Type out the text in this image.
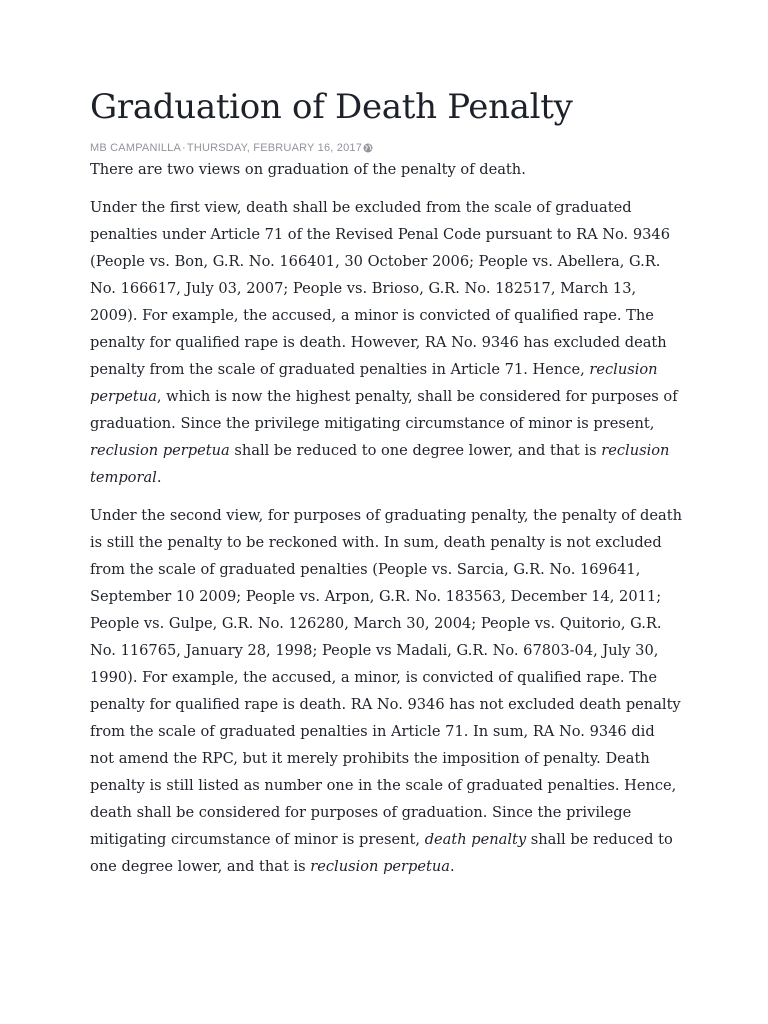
Graduation of Death Penalty
MB CAMPANILLA · THURSDAY, FEBRUARY 16, 2017

There are two views on graduation of the penalty of death.

Under the first view, death shall be excluded from the scale of graduated penalties under Article 71 of the Revised Penal Code pursuant to RA No. 9346 (People vs. Bon, G.R. No. 166401, 30 October 2006; People vs. Abellera, G.R. No. 166617, July 03, 2007; People vs. Brioso, G.R. No. 182517, March 13, 2009). For example, the accused, a minor is convicted of qualified rape. The penalty for qualified rape is death. However, RA No. 9346 has excluded death penalty from the scale of graduated penalties in Article 71. Hence, reclusion perpetua, which is now the highest penalty, shall be considered for purposes of graduation. Since the privilege mitigating circumstance of minor is present, reclusion perpetua shall be reduced to one degree lower, and that is reclusion temporal.

Under the second view, for purposes of graduating penalty, the penalty of death is still the penalty to be reckoned with. In sum, death penalty is not excluded from the scale of graduated penalties (People vs. Sarcia, G.R. No. 169641, September 10 2009; People vs. Arpon, G.R. No. 183563, December 14, 2011; People vs. Gulpe, G.R. No. 126280, March 30, 2004; People vs. Quitorio, G.R. No. 116765, January 28, 1998; People vs Madali, G.R. No. 67803-04, July 30, 1990). For example, the accused, a minor, is convicted of qualified rape. The penalty for qualified rape is death. RA No. 9346 has not excluded death penalty from the scale of graduated penalties in Article 71. In sum, RA No. 9346 did not amend the RPC, but it merely prohibits the imposition of penalty. Death penalty is still listed as number one in the scale of graduated penalties. Hence, death shall be considered for purposes of graduation. Since the privilege mitigating circumstance of minor is present, death penalty shall be reduced to one degree lower, and that is reclusion perpetua.
